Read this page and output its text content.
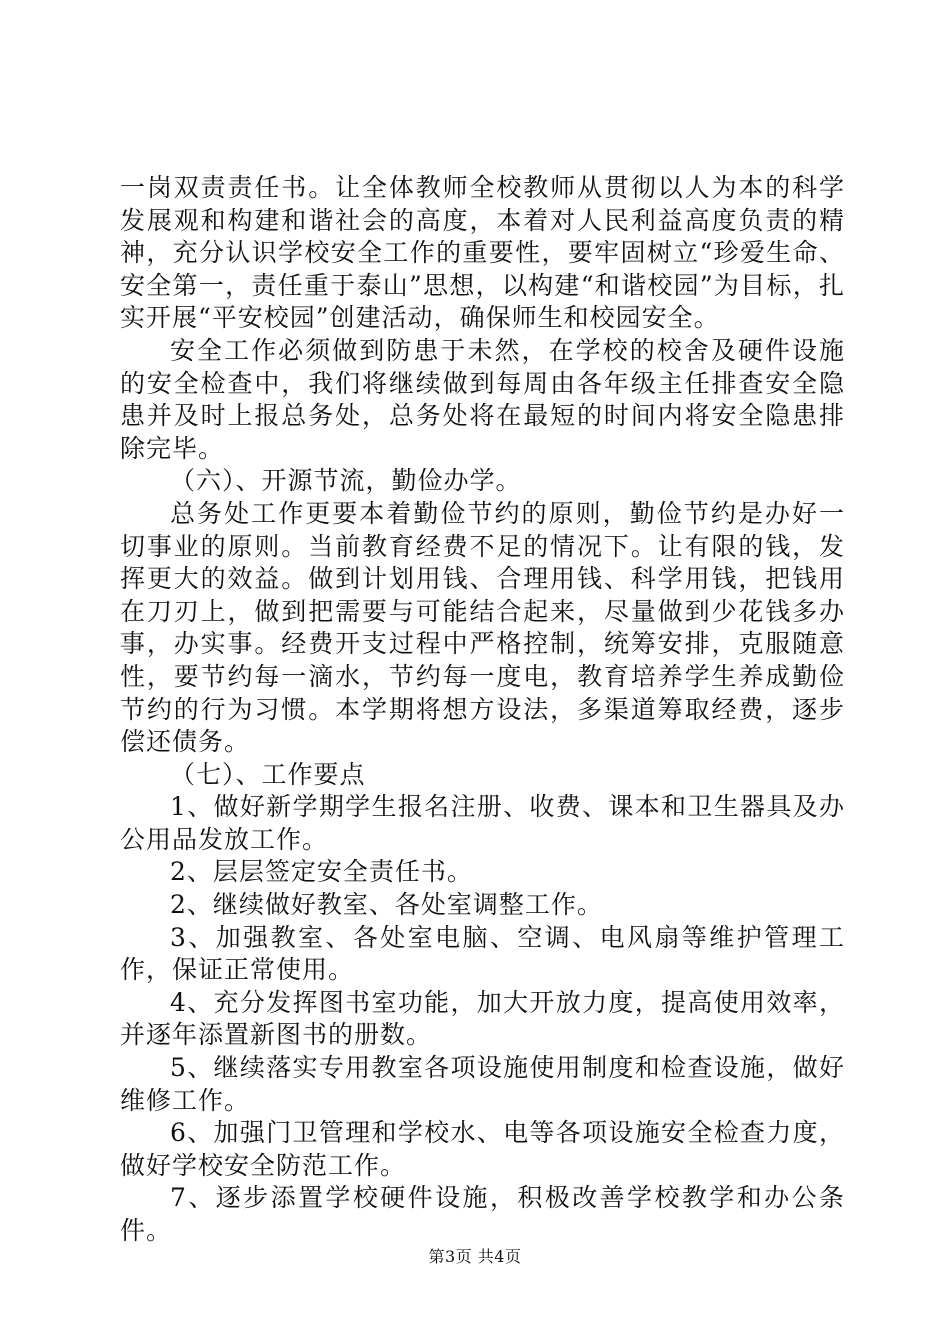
一岗双责责任书。让全体教师全校教师从贯彻以人为本的科学发展观和构建和谐社会的高度，本着对人民利益高度负责的精神，充分认识学校安全工作的重要性，要牢固树立“珍爱生命、安全第一，责任重于泰山”思想，以构建“和谐校园”为目标，扎实开展“平安校园”创建活动，确保师生和校园安全。

安全工作必须做到防患于未然，在学校的校舍及硬件设施的安全检查中，我们将继续做到每周由各年级主任排查安全隐患并及时上报总务处，总务处将在最短的时间内将安全隐患排除完毕。

（六）、开源节流，勤俭办学。

总务处工作更要本着勤俭节约的原则，勤俭节约是办好一切事业的原则。当前教育经费不足的情况下。让有限的钱，发挥更大的效益。做到计划用钱、合理用钱、科学用钱，把钱用在刀刃上，做到把需要与可能结合起来，尽量做到少花钱多办事，办实事。经费开支过程中严格控制，统筹安排，克服随意性，要节约每一滴水，节约每一度电，教育培养学生养成勤俭节约的行为习惯。本学期将想方设法，多渠道筹取经费，逐步偿还债务。

（七）、工作要点

1、做好新学期学生报名注册、收费、课本和卫生器具及办公用品发放工作。

2、层层签定安全责任书。

2、继续做好教室、各处室调整工作。

3、加强教室、各处室电脑、空调、电风扇等维护管理工作，保证正常使用。

4、充分发挥图书室功能，加大开放力度，提高使用效率，并逐年添置新图书的册数。

5、继续落实专用教室各项设施使用制度和检查设施，做好维修工作。

6、加强门卫管理和学校水、电等各项设施安全检查力度，做好学校安全防范工作。

7、逐步添置学校硬件设施，积极改善学校教学和办公条件。

第3页 共4页
